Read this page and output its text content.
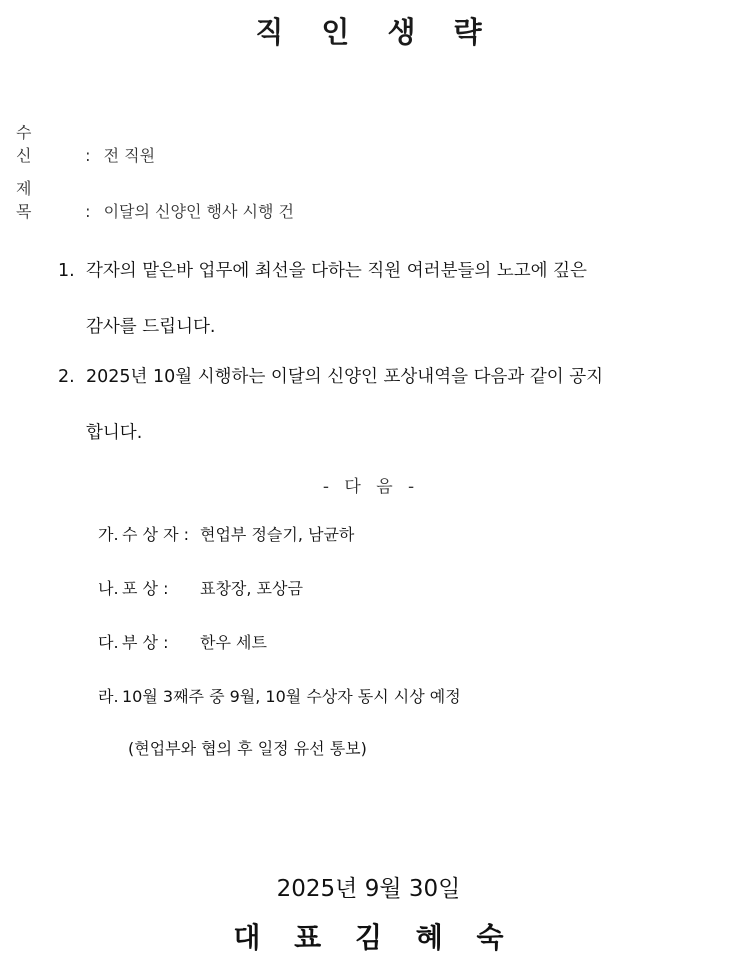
직 인 생 략
수 신	: 전 직원
제 목	: 이달의 신양인 행사 시행 건
1. 각자의 맡은바 업무에 최선을 다하는 직원 여러분들의 노고에 깊은
감사를 드립니다.
2. 2025년 10월 시행하는 이달의 신양인 포상내역을 다음과 같이 공지
합니다.
- 다 음 -
가. 수 상 자 : 현업부 정슬기, 남균하
나. 포 상 : 표창장, 포상금
다. 부 상 : 한우 세트
라. 10월 3째주 중 9월, 10월 수상자 동시 시상 예정
(현업부와 협의 후 일정 유선 통보)
2025년 9월 30일
대 표 김 혜 숙
